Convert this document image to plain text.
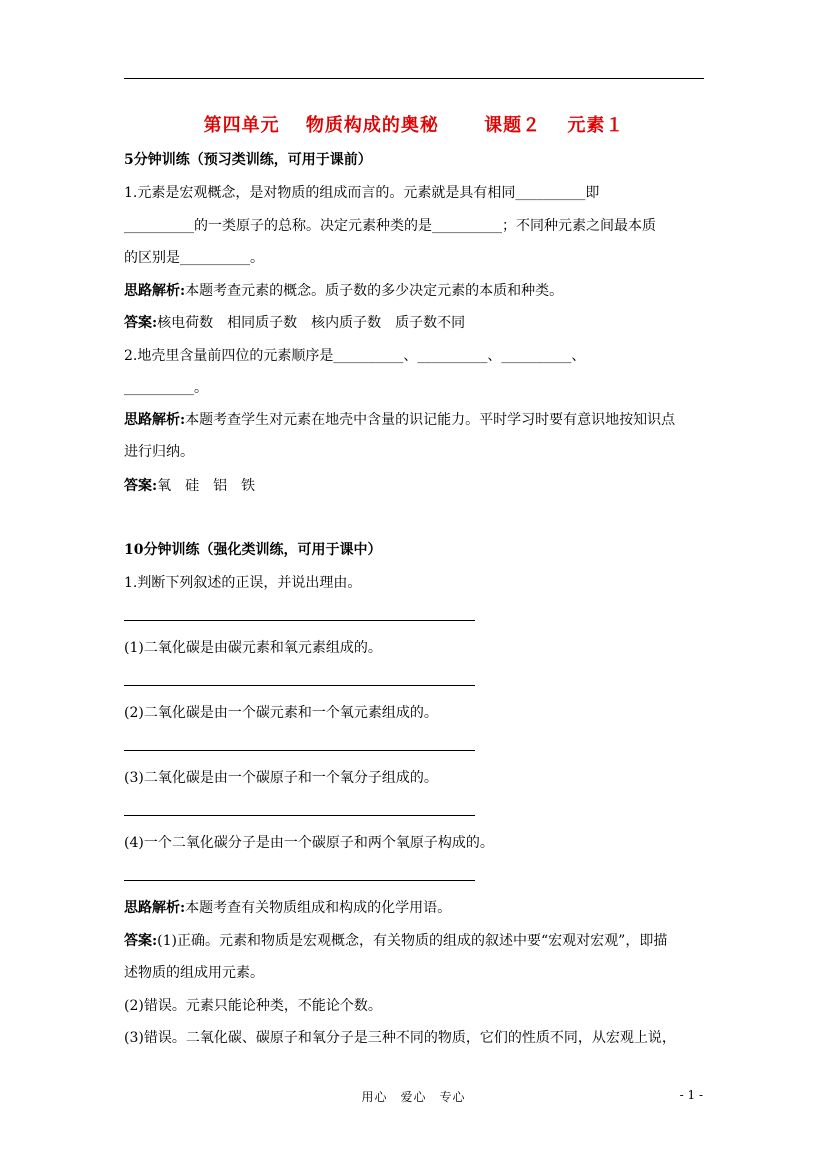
第四单元　 物质构成的奥秘　　 课题２　 元素１
5分钟训练（预习类训练，可用于课前）
1.元素是宏观概念，是对物质的组成而言的。元素就是具有相同__________即
__________的一类原子的总称。决定元素种类的是__________；不同种元素之间最本质
的区别是__________。
思路解析:本题考查元素的概念。质子数的多少决定元素的本质和种类。
答案:核电荷数　相同质子数　核内质子数　质子数不同
2.地壳里含量前四位的元素顺序是__________、__________、__________、
__________。
思路解析:本题考查学生对元素在地壳中含量的识记能力。平时学习时要有意识地按知识点
进行归纳。
答案:氧　硅　铝　铁
10分钟训练（强化类训练，可用于课中）
1.判断下列叙述的正误，并说出理由。
(1)二氧化碳是由碳元素和氧元素组成的。
(2)二氧化碳是由一个碳元素和一个氧元素组成的。
(3)二氧化碳是由一个碳原子和一个氧分子组成的。
(4)一个二氧化碳分子是由一个碳原子和两个氧原子构成的。
思路解析:本题考查有关物质组成和构成的化学用语。
答案:(1)正确。元素和物质是宏观概念，有关物质的组成的叙述中要“宏观对宏观”，即描
述物质的组成用元素。
(2)错误。元素只能论种类，不能论个数。
(3)错误。二氧化碳、碳原子和氧分子是三种不同的物质，它们的性质不同，从宏观上说，
用心　爱心　专心	- 1 -
